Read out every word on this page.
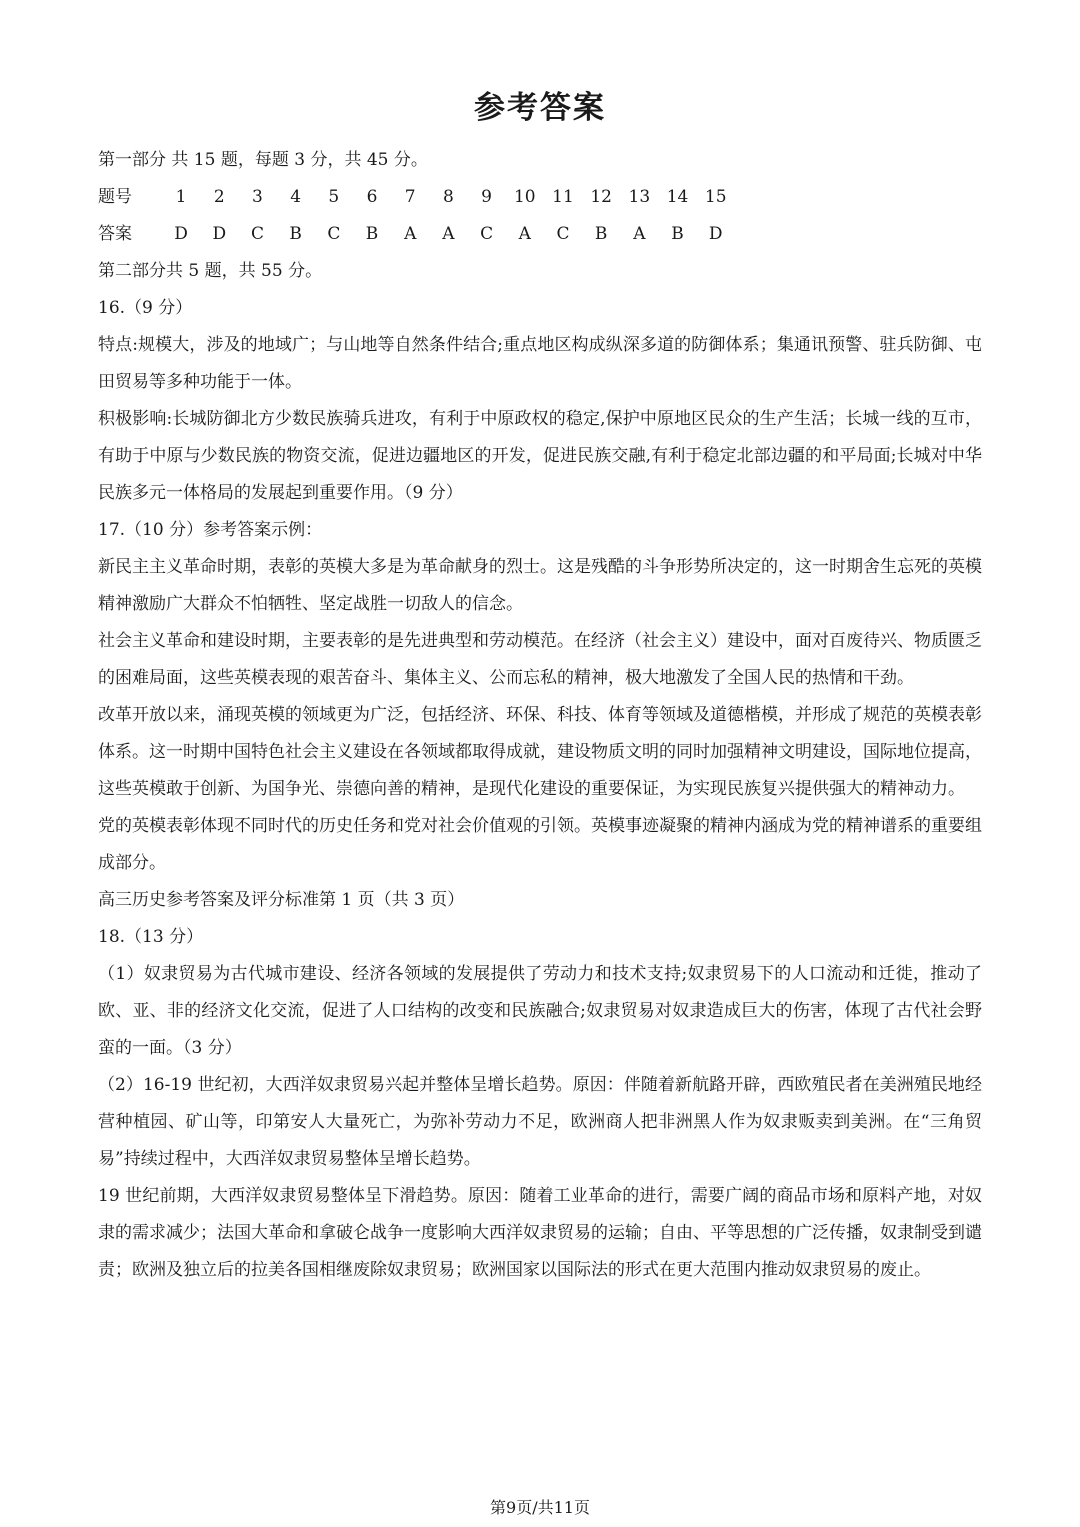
参考答案

第一部分 共 15 题，每题 3 分，共 45 分。

题号	1	2	3	4	5	6	7	8	9	10 11 12 13 14 15
答案	D	D	C	B	C	B	A	A	C	A	C	B	A	B	D

第二部分共 5 题，共 55 分。

16.（9 分）

特点:规模大，涉及的地域广；与山地等自然条件结合;重点地区构成纵深多道的防御体系；集通讯预警、驻兵防御、屯田贸易等多种功能于一体。

积极影响:长城防御北方少数民族骑兵进攻，有利于中原政权的稳定,保护中原地区民众的生产生活；长城一线的互市，有助于中原与少数民族的物资交流，促进边疆地区的开发，促进民族交融,有利于稳定北部边疆的和平局面;长城对中华民族多元一体格局的发展起到重要作用。（9 分）

17.（10 分）参考答案示例：

新民主主义革命时期，表彰的英模大多是为革命献身的烈士。这是残酷的斗争形势所决定的，这一时期舍生忘死的英模精神激励广大群众不怕牺牲、坚定战胜一切敌人的信念。

社会主义革命和建设时期，主要表彰的是先进典型和劳动模范。在经济（社会主义）建设中，面对百废待兴、物质匮乏的困难局面，这些英模表现的艰苦奋斗、集体主义、公而忘私的精神，极大地激发了全国人民的热情和干劲。

改革开放以来，涌现英模的领域更为广泛，包括经济、环保、科技、体育等领域及道德楷模，并形成了规范的英模表彰体系。这一时期中国特色社会主义建设在各领域都取得成就，建设物质文明的同时加强精神文明建设，国际地位提高，这些英模敢于创新、为国争光、崇德向善的精神，是现代化建设的重要保证，为实现民族复兴提供强大的精神动力。

党的英模表彰体现不同时代的历史任务和党对社会价值观的引领。英模事迹凝聚的精神内涵成为党的精神谱系的重要组成部分。

高三历史参考答案及评分标准第 1 页（共 3 页）

18.（13 分）

（1）奴隶贸易为古代城市建设、经济各领域的发展提供了劳动力和技术支持;奴隶贸易下的人口流动和迁徙，推动了欧、亚、非的经济文化交流，促进了人口结构的改变和民族融合;奴隶贸易对奴隶造成巨大的伤害，体现了古代社会野蛮的一面。（3 分）

（2）16-19 世纪初，大西洋奴隶贸易兴起并整体呈增长趋势。原因：伴随着新航路开辟，西欧殖民者在美洲殖民地经营种植园、矿山等，印第安人大量死亡，为弥补劳动力不足，欧洲商人把非洲黑人作为奴隶贩卖到美洲。在“三角贸易”持续过程中，大西洋奴隶贸易整体呈增长趋势。

19 世纪前期，大西洋奴隶贸易整体呈下滑趋势。原因：随着工业革命的进行，需要广阔的商品市场和原料产地，对奴隶的需求减少；法国大革命和拿破仑战争一度影响大西洋奴隶贸易的运输；自由、平等思想的广泛传播，奴隶制受到谴责；欧洲及独立后的拉美各国相继废除奴隶贸易；欧洲国家以国际法的形式在更大范围内推动奴隶贸易的废止。

第9页/共11页
